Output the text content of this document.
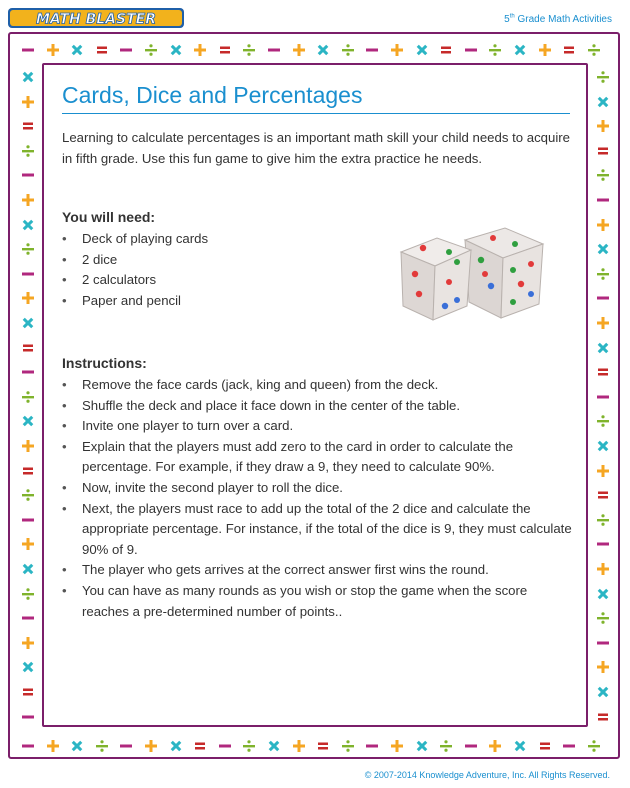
MATH BLASTER	5th Grade Math Activities
Cards, Dice and Percentages

Learning to calculate percentages is an important math skill your child needs to acquire in fifth grade. Use this fun game to give him the extra practice he needs.

You will need:
• Deck of playing cards
• 2 dice
• 2 calculators
• Paper and pencil
Instructions:
• Remove the face cards (jack, king and queen) from the deck.
• Shuffle the deck and place it face down in the center of the table.
• Invite one player to turn over a card.
• Explain that the players must add zero to the card in order to calculate the percentage. For example, if they draw a 9, they need to calculate 90%.
• Now, invite the second player to roll the dice.
• Next, the players must race to add up the total of the 2 dice and calculate the appropriate percentage. For instance, if the total of the dice is 9, they must calculate 90% of 9.
• The player who gets arrives at the correct answer first wins the round.
• You can have as many rounds as you wish or stop the game when the score reaches a pre-determined number of points..
© 2007-2014 Knowledge Adventure, Inc. All Rights Reserved.
